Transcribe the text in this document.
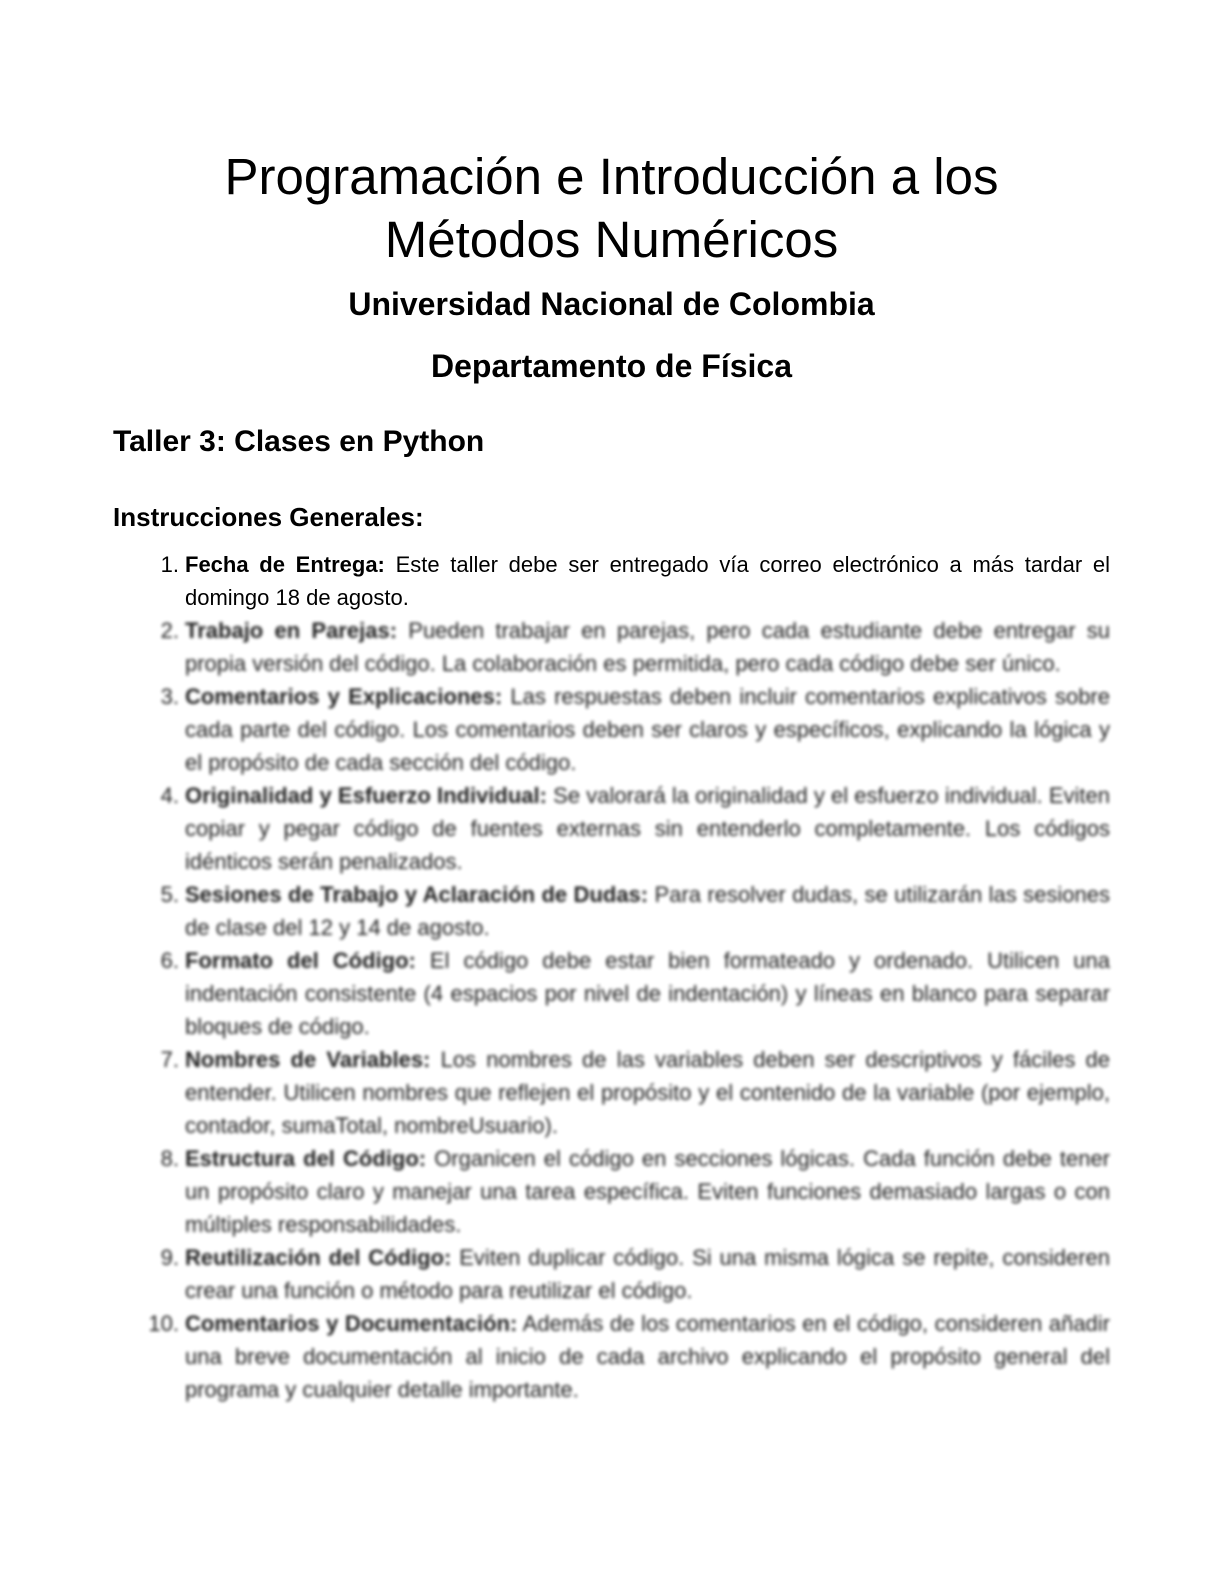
Programación e Introducción a los
Métodos Numéricos
Universidad Nacional de Colombia
Departamento de Física
Taller 3: Clases en Python
Instrucciones Generales:
1. Fecha de Entrega: Este taller debe ser entregado vía correo electrónico a más tardar el domingo 18 de agosto.
2. Trabajo en Parejas: Pueden trabajar en parejas, pero cada estudiante debe entregar su propia versión del código. La colaboración es permitida, pero cada código debe ser único.
3. Comentarios y Explicaciones: Las respuestas deben incluir comentarios explicativos sobre cada parte del código. Los comentarios deben ser claros y específicos, explicando la lógica y el propósito de cada sección del código.
4. Originalidad y Esfuerzo Individual: Se valorará la originalidad y el esfuerzo individual. Eviten copiar y pegar código de fuentes externas sin entenderlo completamente. Los códigos idénticos serán penalizados.
5. Sesiones de Trabajo y Aclaración de Dudas: Para resolver dudas, se utilizarán las sesiones de clase del 12 y 14 de agosto.
6. Formato del Código: El código debe estar bien formateado y ordenado. Utilicen una indentación consistente (4 espacios por nivel de indentación) y líneas en blanco para separar bloques de código.
7. Nombres de Variables: Los nombres de las variables deben ser descriptivos y fáciles de entender. Utilicen nombres que reflejen el propósito y el contenido de la variable (por ejemplo, contador, sumaTotal, nombreUsuario).
8. Estructura del Código: Organicen el código en secciones lógicas. Cada función debe tener un propósito claro y manejar una tarea específica. Eviten funciones demasiado largas o con múltiples responsabilidades.
9. Reutilización del Código: Eviten duplicar código. Si una misma lógica se repite, consideren crear una función o método para reutilizar el código.
10. Comentarios y Documentación: Además de los comentarios en el código, consideren añadir una breve documentación al inicio de cada archivo explicando el propósito general del programa y cualquier detalle importante.
